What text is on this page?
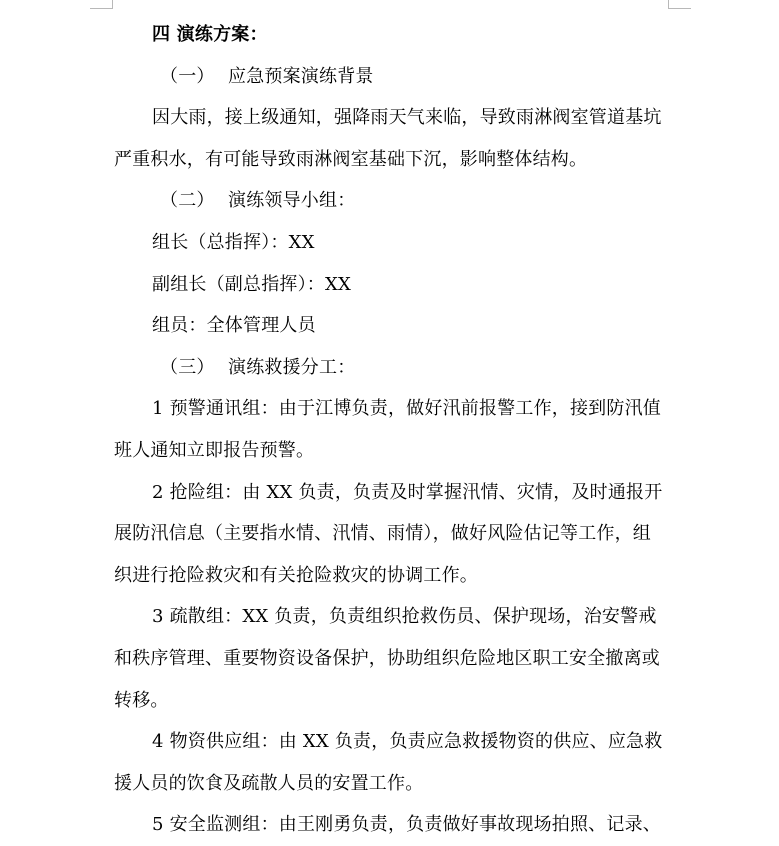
四 演练方案：
（一） 应急预案演练背景
因大雨，接上级通知，强降雨天气来临，导致雨淋阀室管道基坑
严重积水，有可能导致雨淋阀室基础下沉，影响整体结构。
（二） 演练领导小组：
组长（总指挥）：XX
副组长（副总指挥）：XX
组员：全体管理人员
（三） 演练救援分工：
1 预警通讯组：由于江博负责，做好汛前报警工作，接到防汛值
班人通知立即报告预警。
2 抢险组：由 XX 负责，负责及时掌握汛情、灾情，及时通报开
展防汛信息（主要指水情、汛情、雨情），做好风险估记等工作，组
织进行抢险救灾和有关抢险救灾的协调工作。
3 疏散组：XX 负责，负责组织抢救伤员、保护现场，治安警戒
和秩序管理、重要物资设备保护，协助组织危险地区职工安全撤离或
转移。
4 物资供应组：由 XX 负责，负责应急救援物资的供应、应急救
援人员的饮食及疏散人员的安置工作。
5 安全监测组：由王刚勇负责，负责做好事故现场拍照、记录、
